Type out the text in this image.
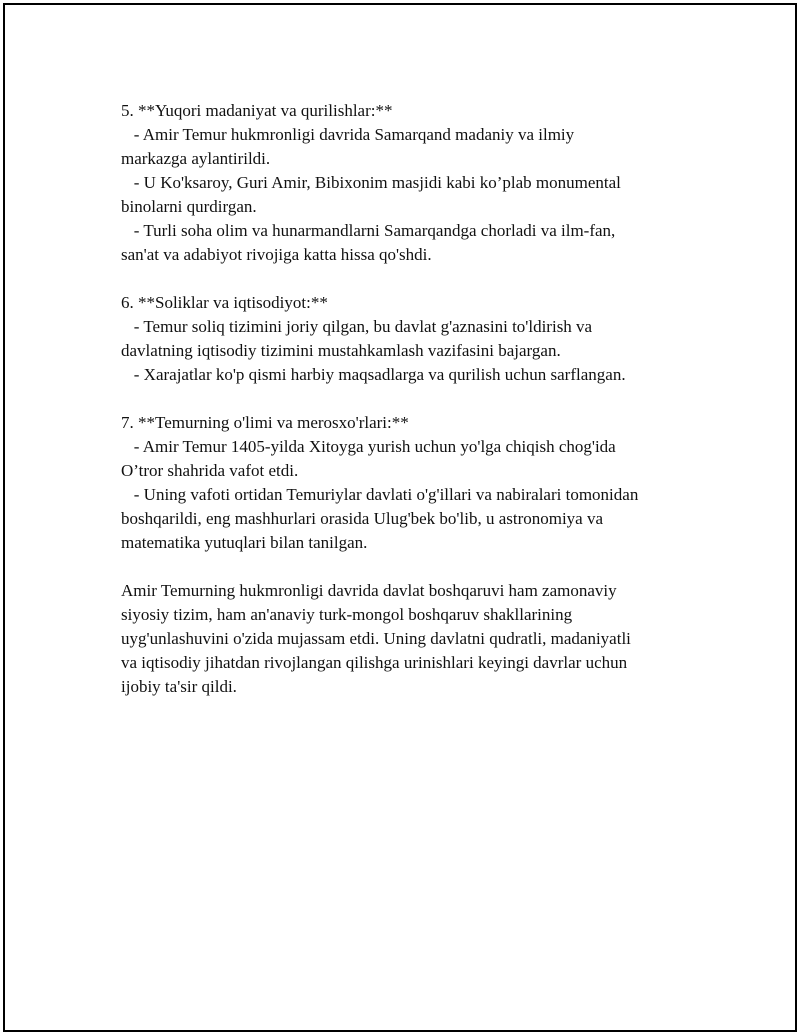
5. **Yuqori madaniyat va qurilishlar:**

- Amir Temur hukmronligi davrida Samarqand madaniy va ilmiy

markazga aylantirildi.

- U Ko'ksaroy, Guri Amir, Bibixonim masjidi kabi ko’plab monumental

binolarni qurdirgan.

- Turli soha olim va hunarmandlarni Samarqandga chorladi va ilm-fan,

san'at va adabiyot rivojiga katta hissa qo'shdi.

6. **Soliklar va iqtisodiyot:**

- Temur soliq tizimini joriy qilgan, bu davlat g'aznasini to'ldirish va

davlatning iqtisodiy tizimini mustahkamlash vazifasini bajargan.

- Xarajatlar ko'p qismi harbiy maqsadlarga va qurilish uchun sarflangan.

7. **Temurning o'limi va merosxo'rlari:**

- Amir Temur 1405-yilda Xitoyga yurish uchun yo'lga chiqish chog'ida

O’tror shahrida vafot etdi.

- Uning vafoti ortidan Temuriylar davlati o'g'illari va nabiralari tomonidan

boshqarildi, eng mashhurlari orasida Ulug'bek bo'lib, u astronomiya va

matematika yutuqlari bilan tanilgan.

Amir Temurning hukmronligi davrida davlat boshqaruvi ham zamonaviy

siyosiy tizim, ham an'anaviy turk-mongol boshqaruv shakllarining

uyg'unlashuvini o'zida mujassam etdi. Uning davlatni qudratli, madaniyatli

va iqtisodiy jihatdan rivojlangan qilishga urinishlari keyingi davrlar uchun

ijobiy ta'sir qildi.
